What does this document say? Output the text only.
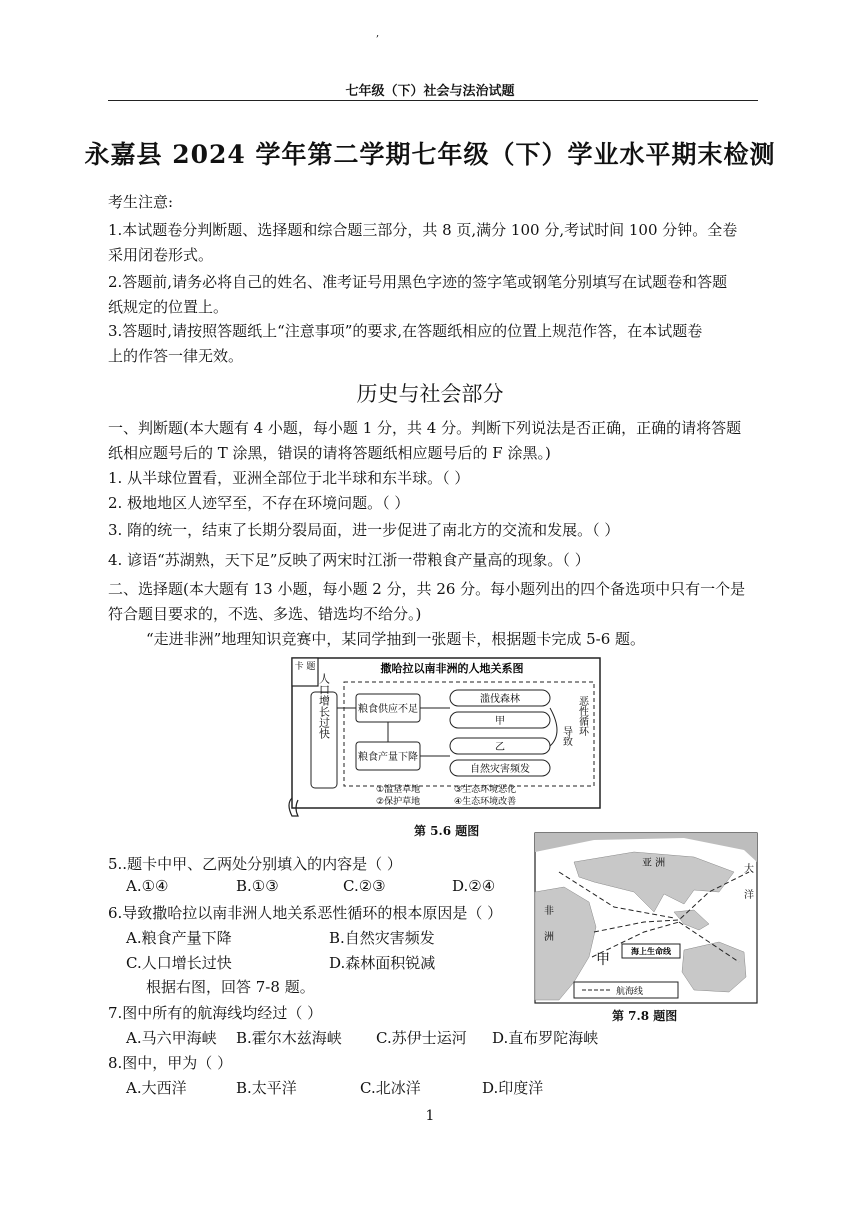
,
七年级（下）社会与法治试题
永嘉县 2024 学年第二学期七年级（下）学业水平期末检测
考生注意:
1.本试题卷分判断题、选择题和综合题三部分，共 8 页,满分 100 分,考试时间 100 分钟。全卷
采用闭卷形式。
2.答题前,请务必将自己的姓名、准考证号用黑色字迹的签字笔或钢笔分别填写在试题卷和答题
纸规定的位置上。
3.答题时,请按照答题纸上“注意事项”的要求,在答题纸相应的位置上规范作答，在本试题卷
上的作答一律无效。
历史与社会部分
一、判断题(本大题有 4 小题，每小题 1 分，共 4 分。判断下列说法是否正确，正确的请将答题
纸相应题号后的 T 涂黑，错误的请将答题纸相应题号后的 F 涂黑。)
1. 从半球位置看，亚洲全部位于北半球和东半球。（ ）
2. 极地地区人迹罕至，不存在环境问题。（ ）
3. 隋的统一，结束了长期分裂局面，进一步促进了南北方的交流和发展。（ ）
4. 谚语“苏湖熟，天下足”反映了两宋时江浙一带粮食产量高的现象。（ ）
二、选择题(本大题有 13 小题，每小题 2 分，共 26 分。每小题列出的四个备选项中只有一个是
符合题目要求的，不选、多选、错选均不给分。)
“走进非洲”地理知识竞赛中，某同学抽到一张题卡，根据题卡完成 5-6 题。
卡 题	撒哈拉以南非洲的人地关系图
人口增长过快	粮食供应不足
粮食产量下降
滥伐森林
甲
乙
自然灾害频发
导致 恶性循环
①滥垦草地
②保护草地
③生态环境恶化
④生态环境改善
第 5.6 题图
5..题卡中甲、乙两处分别填入的内容是（ ）
A.①④	B.①③	C.②③	D.②④
6.导致撒哈拉以南非洲人地关系恶性循环的根本原因是（ ）
A.粮食产量下降	B.自然灾害频发
C.人口增长过快	D.森林面积锐减
根据右图，回答 7-8 题。
7.图中所有的航海线均经过（ ）
A.马六甲海峡 B.霍尔木兹海峡 C.苏伊士运河 D.直布罗陀海峡
8.图中，甲为（ ）
A.大西洋	B.太平洋	C.北冰洋	D.印度洋
亚 洲
非
洲
大
洋
甲
海上生命线
航海线
第 7.8 题图
1
